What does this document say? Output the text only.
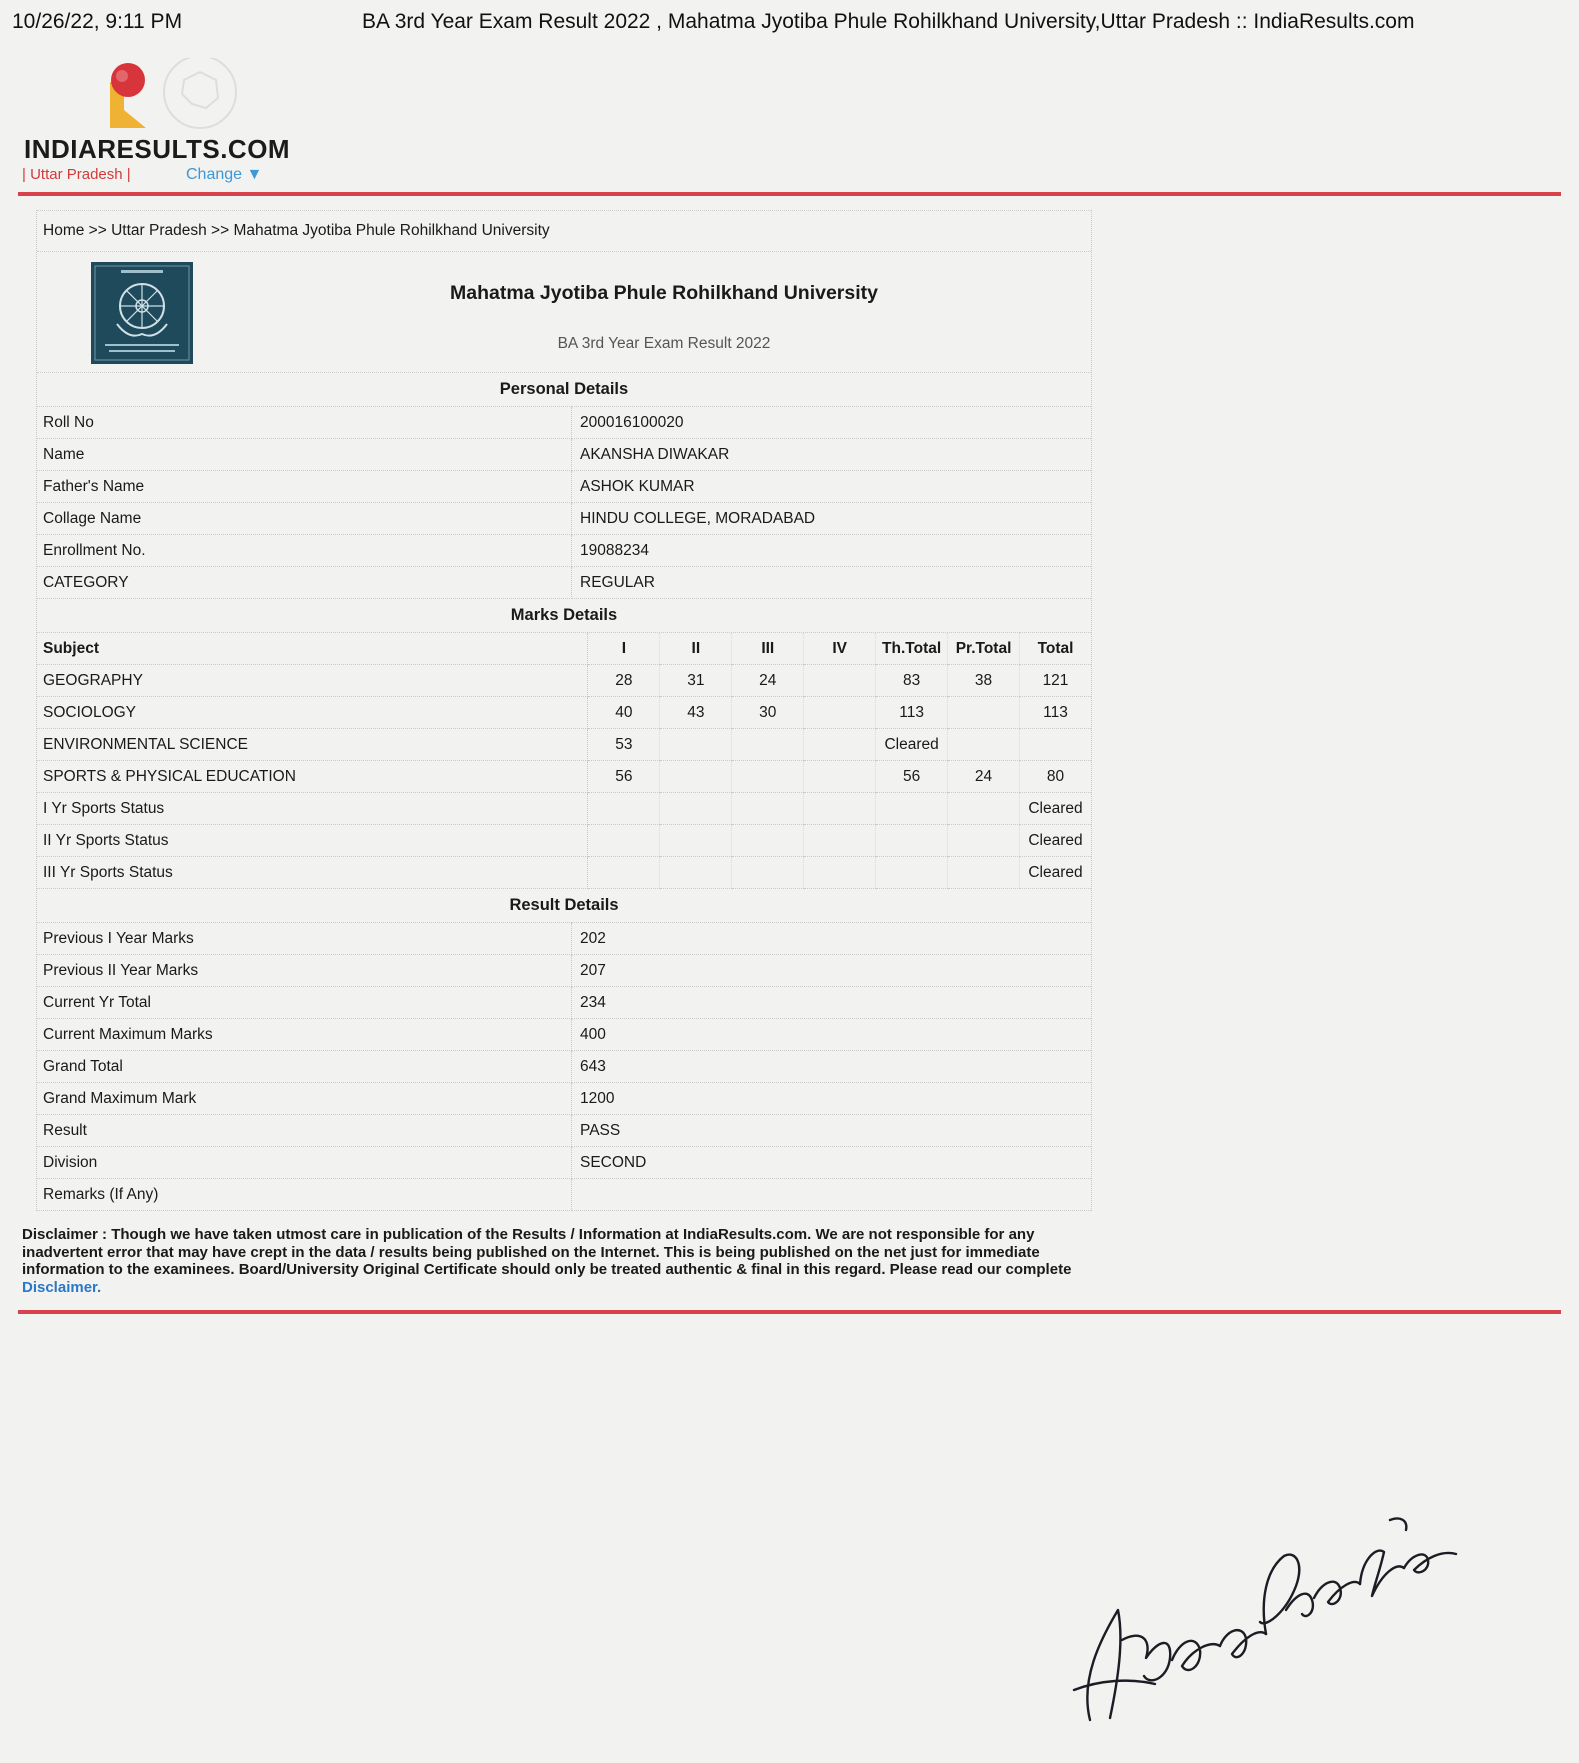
10/26/22, 9:11 PM	BA 3rd Year Exam Result 2022 , Mahatma Jyotiba Phule Rohilkhand University,Uttar Pradesh :: IndiaResults.com
INDIARESULTS.COM
| Uttar Pradesh |	Change ▼
Home >> Uttar Pradesh >> Mahatma Jyotiba Phule Rohilkhand University
Mahatma Jyotiba Phule Rohilkhand University
BA 3rd Year Exam Result 2022
Personal Details	
Roll No	200016100020
Name	AKANSHA DIWAKAR
Father's Name	ASHOK KUMAR
Collage Name	HINDU COLLEGE, MORADABAD
Enrollment No.	19088234
CATEGORY	REGULAR
Marks Details							
Subject	I	II	III	IV	Th.Total	Pr.Total	Total
GEOGRAPHY	28	31	24		83	38	121
SOCIOLOGY	40	43	30		113		113
ENVIRONMENTAL SCIENCE	53				Cleared		
SPORTS & PHYSICAL EDUCATION	56				56	24	80
I Yr Sports Status							Cleared
II Yr Sports Status							Cleared
III Yr Sports Status							Cleared
Result Details	
Previous I Year Marks	202
Previous II Year Marks	207
Current Yr Total	234
Current Maximum Marks	400
Grand Total	643
Grand Maximum Mark	1200
Result	PASS
Division	SECOND
Remarks (If Any)	
Disclaimer : Though we have taken utmost care in publication of the Results / Information at IndiaResults.com. We are not responsible for any inadvertent error that may have crept in the data / results being published on the Internet. This is being published on the net just for immediate information to the examinees. Board/University Original Certificate should only be treated authentic & final in this regard. Please read our complete Disclaimer.
